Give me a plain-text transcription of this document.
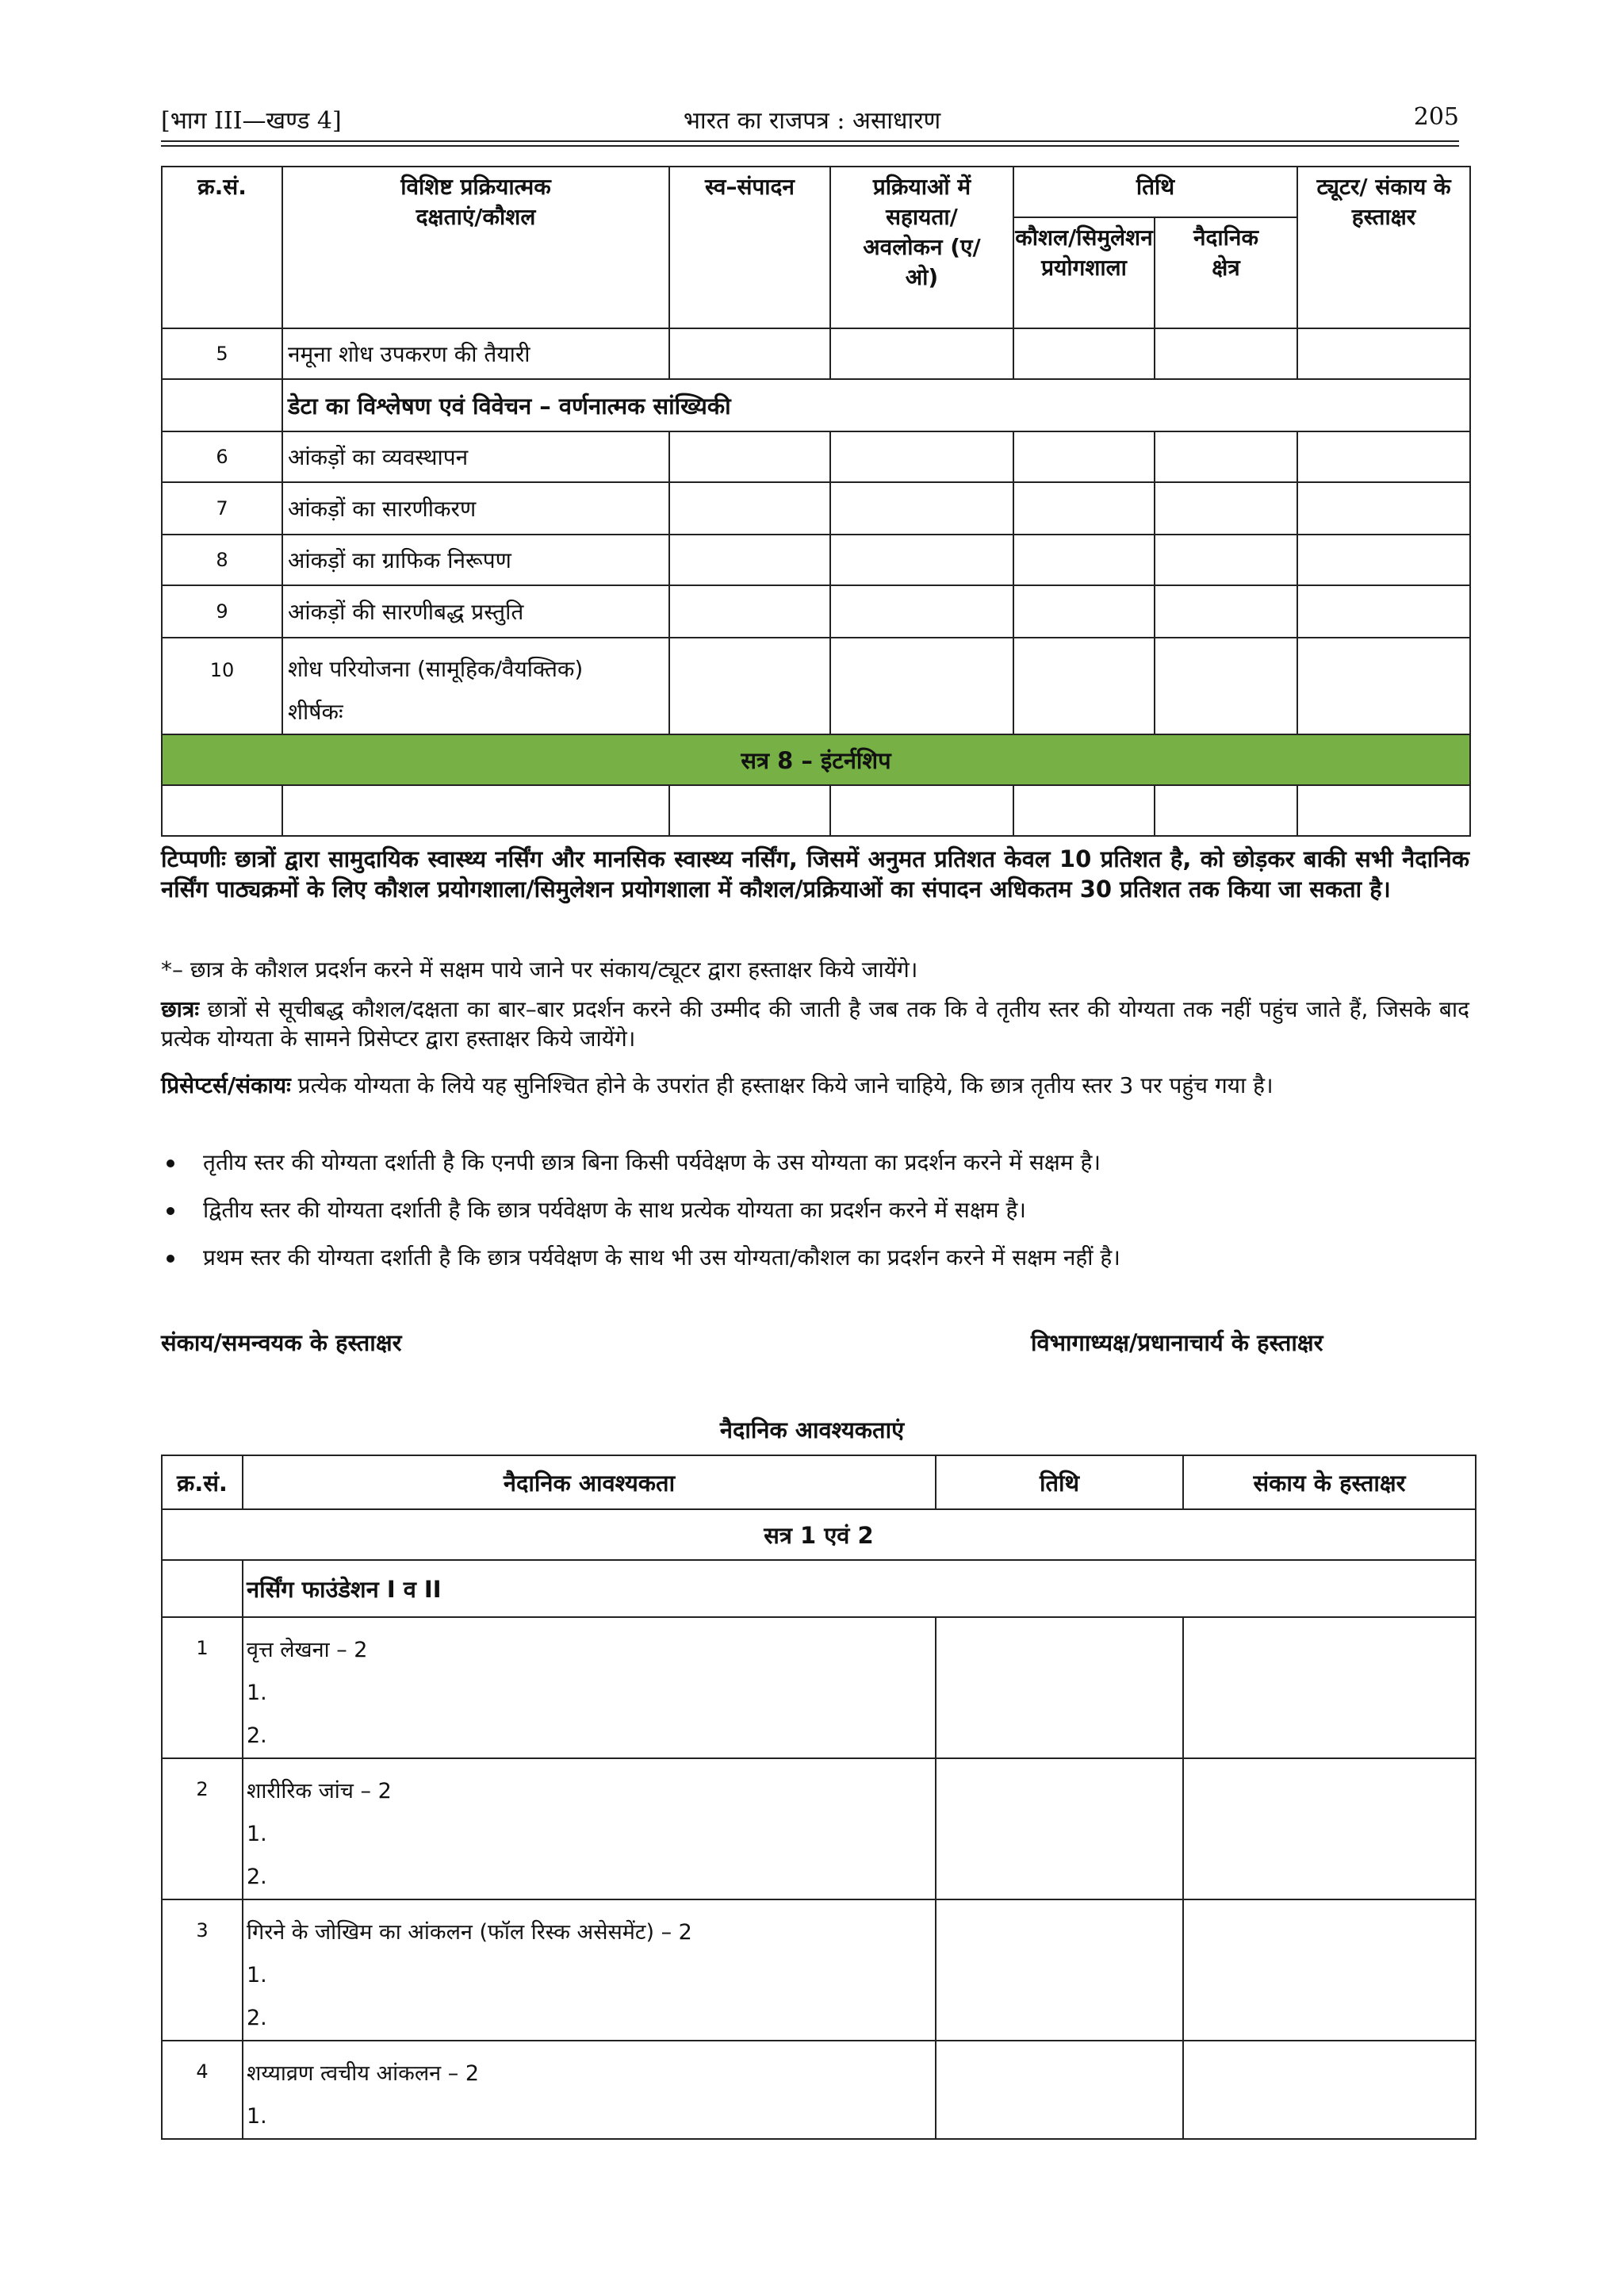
[भाग III—खण्ड 4]	भारत का राजपत्र : असाधारण	205
क्र.सं.	विशिष्ट प्रक्रियात्मक दक्षताएं/कौशल	स्व–संपादन	प्रक्रियाओं में सहायता/अवलोकन (ए/ओ)	तिथि		ट्यूटर/ संकाय के हस्ताक्षर
				कौशल/सिमुलेशन प्रयोगशाला	नैदानिक क्षेत्र	
5	नमूना शोध उपकरण की तैयारी					
	डेटा का विश्लेषण एवं विवेचन – वर्णनात्मक सांख्यिकी					
6	आंकड़ों का व्यवस्थापन					
7	आंकड़ों का सारणीकरण					
8	आंकड़ों का ग्राफिक निरूपण					
9	आंकड़ों की सारणीबद्ध प्रस्तुति					
10	शोध परियोजना (सामूहिक/वैयक्तिक)
शीर्षकः					

सत्र 8 – इंटर्नशिप						

टिप्पणीः छात्रों द्वारा सामुदायिक स्वास्थ्य नर्सिंग और मानसिक स्वास्थ्य नर्सिंग, जिसमें अनुमत प्रतिशत केवल 10 प्रतिशत है, को छोड़कर बाकी सभी नैदानिक नर्सिंग पाठ्यक्रमों के लिए कौशल प्रयोगशाला/सिमुलेशन प्रयोगशाला में कौशल/प्रक्रियाओं का संपादन अधिकतम 30 प्रतिशत तक किया जा सकता है।
*– छात्र के कौशल प्रदर्शन करने में सक्षम पाये जाने पर संकाय/ट्यूटर द्वारा हस्ताक्षर किये जायेंगे।
छात्रः छात्रों से सूचीबद्ध कौशल/दक्षता का बार–बार प्रदर्शन करने की उम्मीद की जाती है जब तक कि वे तृतीय स्तर की योग्यता तक नहीं पहुंच जाते हैं, जिसके बाद प्रत्येक योग्यता के सामने प्रिसेप्टर द्वारा हस्ताक्षर किये जायेंगे।
प्रिसेप्टर्स/संकायः प्रत्येक योग्यता के लिये यह सुनिश्चित होने के उपरांत ही हस्ताक्षर किये जाने चाहिये, कि छात्र तृतीय स्तर 3 पर पहुंच गया है।
तृतीय स्तर की योग्यता दर्शाती है कि एनपी छात्र बिना किसी पर्यवेक्षण के उस योग्यता का प्रदर्शन करने में सक्षम है।
द्वितीय स्तर की योग्यता दर्शाती है कि छात्र पर्यवेक्षण के साथ प्रत्येक योग्यता का प्रदर्शन करने में सक्षम है।
प्रथम स्तर की योग्यता दर्शाती है कि छात्र पर्यवेक्षण के साथ भी उस योग्यता/कौशल का प्रदर्शन करने में सक्षम नहीं है।
संकाय/समन्वयक के हस्ताक्षर	विभागाध्यक्ष/प्रधानाचार्य के हस्ताक्षर
नैदानिक आवश्यकताएं
क्र.सं.	नैदानिक आवश्यकता	तिथि	संकाय के हस्ताक्षर
सत्र 1 एवं 2			
	नर्सिंग फाउंडेशन I व II		
1	वृत्त लेखना – 2
1.
2.		

2	शारीरिक जांच – 2
1.
2.		

3	गिरने के जोखिम का आंकलन (फॉल रिस्क असेसमेंट) – 2
1.
2.		

4	शय्याव्रण त्वचीय आंकलन – 2
1.		
